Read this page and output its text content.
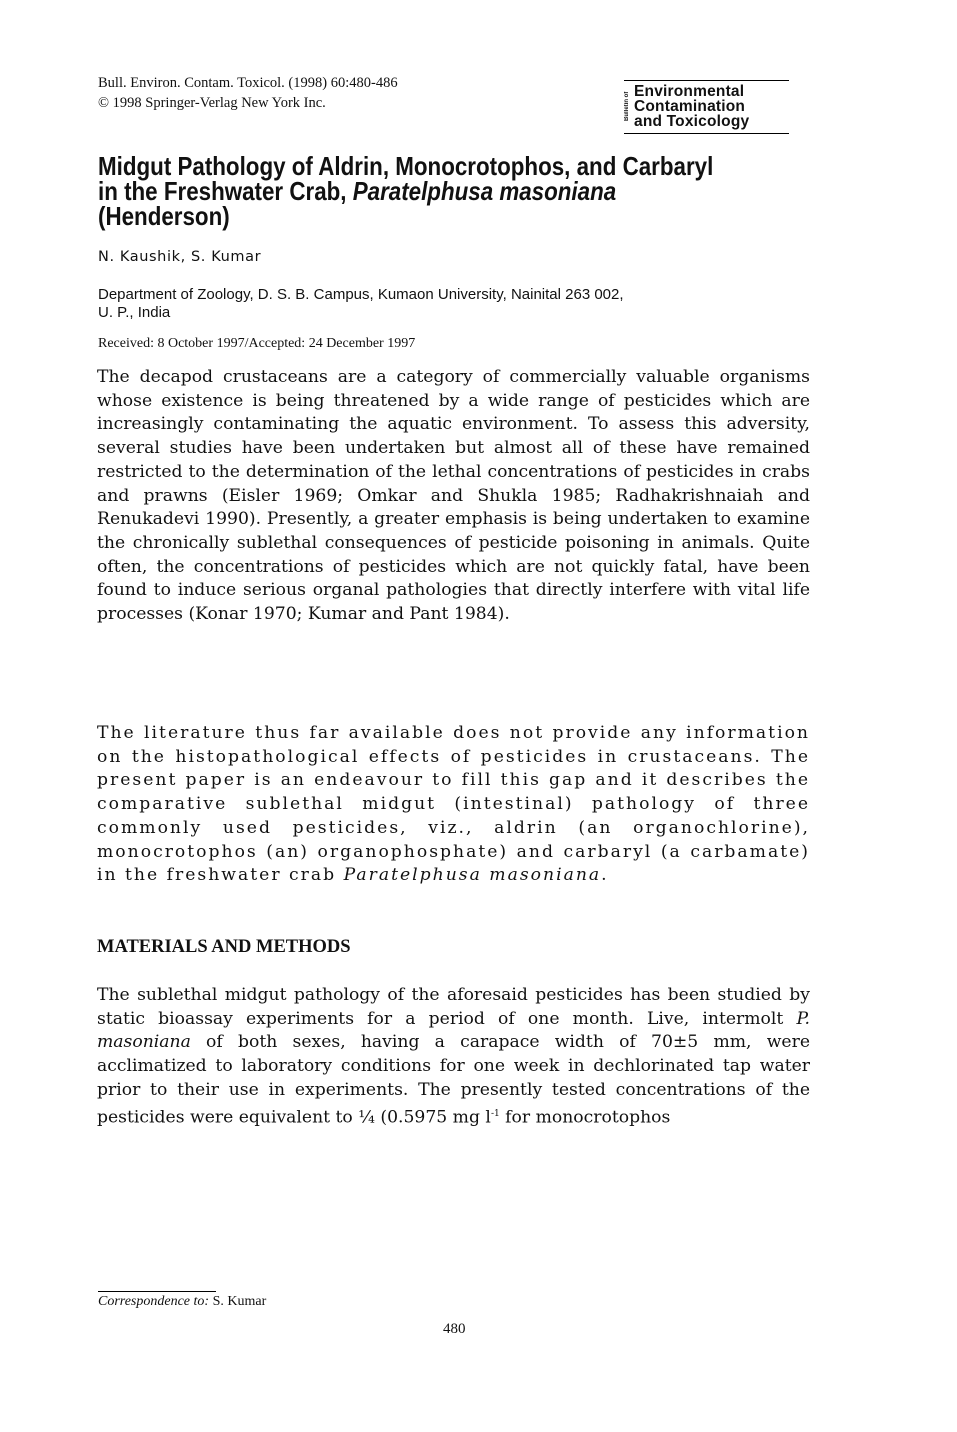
Bull. Environ. Contam. Toxicol. (1998) 60:480-486
© 1998 Springer-Verlag New York Inc.	Bulletin of Environmental
Contamination
and Toxicology
Midgut Pathology of Aldrin, Monocrotophos, and Carbaryl
in the Freshwater Crab, Paratelphusa masoniana
(Henderson)
N. Kaushik, S. Kumar
Department of Zoology, D. S. B. Campus, Kumaon University, Nainital 263 002,
U. P., India
Received: 8 October 1997/Accepted: 24 December 1997
The decapod crustaceans are a category of commercially valuable organisms whose existence is being threatened by a wide range of pesticides which are increasingly contaminating the aquatic environment. To assess this adversity, several studies have been undertaken but almost all of these have remained restricted to the determination of the lethal concentrations of pesticides in crabs and prawns (Eisler 1969; Omkar and Shukla 1985; Radhakrishnaiah and Renukadevi 1990). Presently, a greater emphasis is being undertaken to examine the chronically sublethal consequences of pesticide poisoning in animals. Quite often, the concentrations of pesticides which are not quickly fatal, have been found to induce serious organal pathologies that directly interfere with vital life processes (Konar 1970; Kumar and Pant 1984).
The literature thus far available does not provide any information on the histopathological effects of pesticides in crustaceans. The present paper is an endeavour to fill this gap and it describes the comparative sublethal midgut (intestinal) pathology of three commonly used pesticides, viz., aldrin (an organochlorine), monocrotophos (an) organophosphate) and carbaryl (a carbamate) in the freshwater crab Paratelphusa masoniana.
MATERIALS AND METHODS
The sublethal midgut pathology of the aforesaid pesticides has been studied by static bioassay experiments for a period of one month. Live, intermolt P. masoniana of both sexes, having a carapace width of 70±5 mm, were acclimatized to laboratory conditions for one week in dechlorinated tap water prior to their use in experiments. The presently tested concentrations of the pesticides were equivalent to ¼ (0.5975 mg $l^{-1}$ for monocrotophos
Correspondence to: S. Kumar
480
